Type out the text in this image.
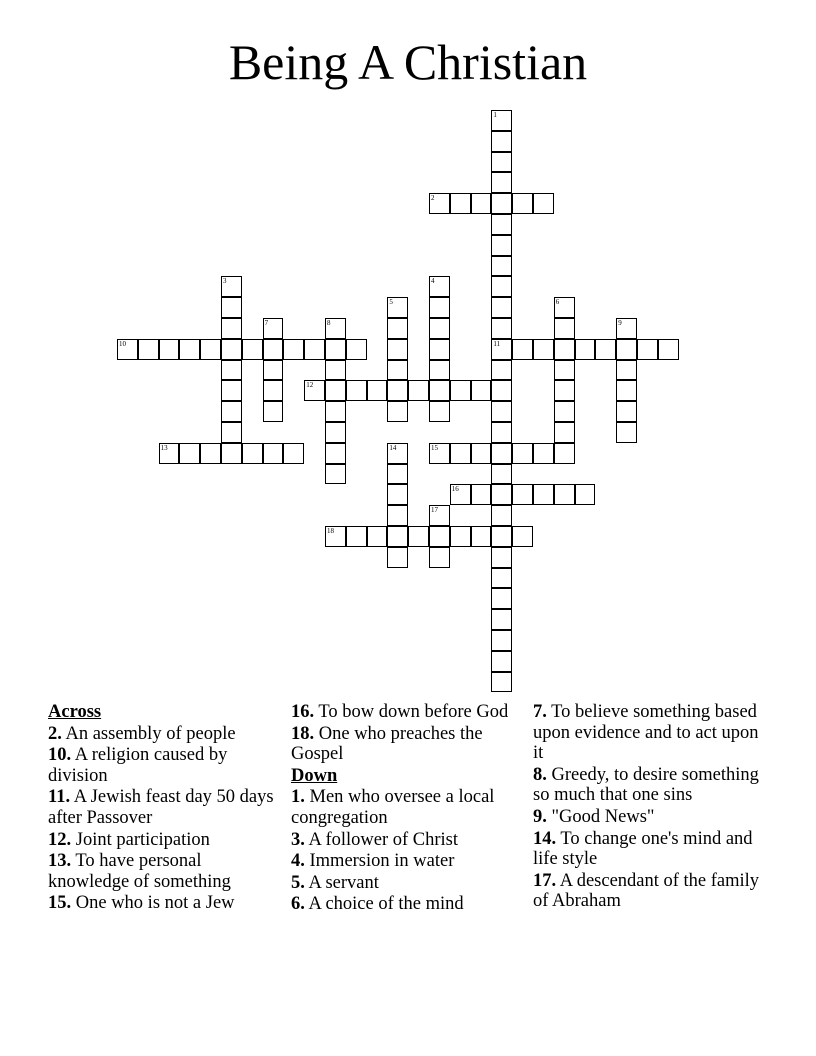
Being A Christian
1
11
2
3	4
5	6
7	8	9
10
12
13	14	15
16
17
18
Across
2. An assembly of people
10. A religion caused by division
11. A Jewish feast day 50 days after Passover
12. Joint participation
13. To have personal knowledge of something
15. One who is not a Jew
16. To bow down before God
18. One who preaches the Gospel
Down
1. Men who oversee a local congregation
3. A follower of Christ
4. Immersion in water
5. A servant
6. A choice of the mind
7. To believe something based upon evidence and to act upon it
8. Greedy, to desire something so much that one sins
9. "Good News"
14. To change one's mind and life style
17. A descendant of the family of Abraham
